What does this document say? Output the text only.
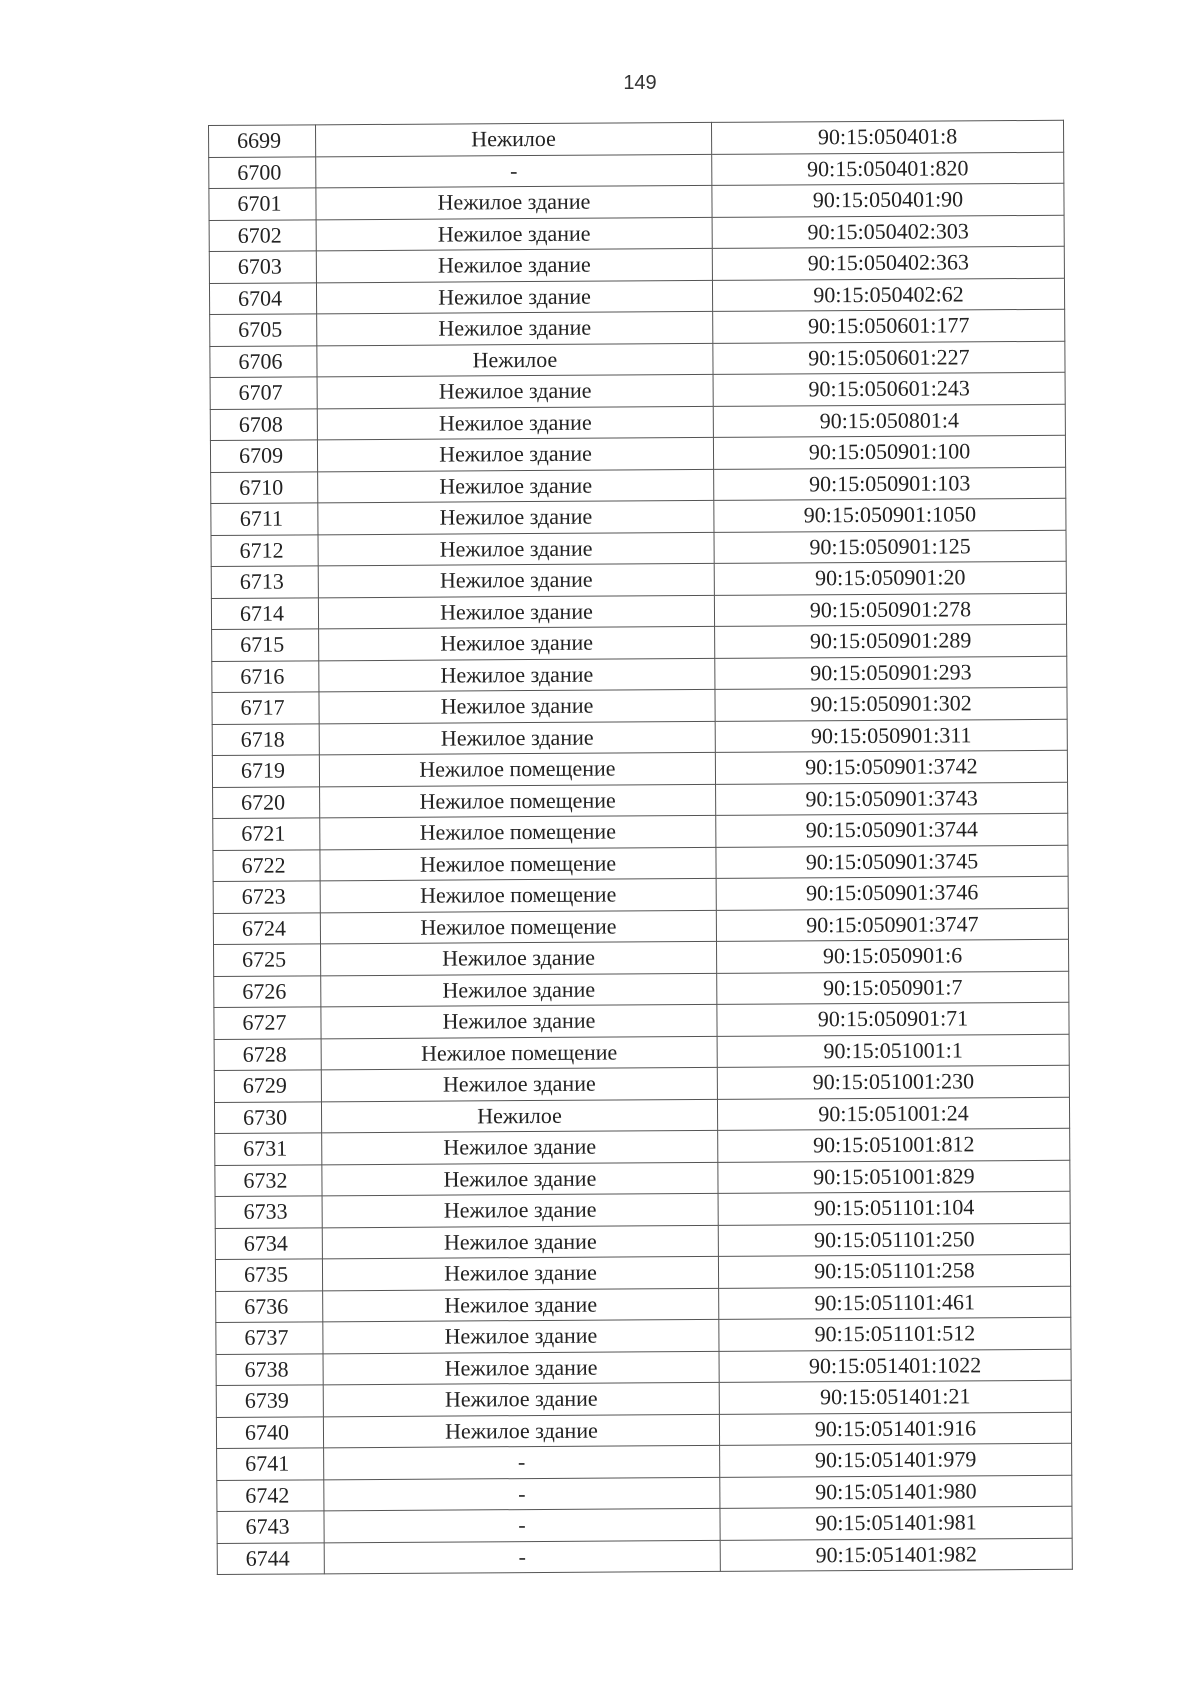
149
6699	Нежилое	90:15:050401:8
6700	-	90:15:050401:820
6701	Нежилое здание	90:15:050401:90
6702	Нежилое здание	90:15:050402:303
6703	Нежилое здание	90:15:050402:363
6704	Нежилое здание	90:15:050402:62
6705	Нежилое здание	90:15:050601:177
6706	Нежилое	90:15:050601:227
6707	Нежилое здание	90:15:050601:243
6708	Нежилое здание	90:15:050801:4
6709	Нежилое здание	90:15:050901:100
6710	Нежилое здание	90:15:050901:103
6711	Нежилое здание	90:15:050901:1050
6712	Нежилое здание	90:15:050901:125
6713	Нежилое здание	90:15:050901:20
6714	Нежилое здание	90:15:050901:278
6715	Нежилое здание	90:15:050901:289
6716	Нежилое здание	90:15:050901:293
6717	Нежилое здание	90:15:050901:302
6718	Нежилое здание	90:15:050901:311
6719	Нежилое помещение	90:15:050901:3742
6720	Нежилое помещение	90:15:050901:3743
6721	Нежилое помещение	90:15:050901:3744
6722	Нежилое помещение	90:15:050901:3745
6723	Нежилое помещение	90:15:050901:3746
6724	Нежилое помещение	90:15:050901:3747
6725	Нежилое здание	90:15:050901:6
6726	Нежилое здание	90:15:050901:7
6727	Нежилое здание	90:15:050901:71
6728	Нежилое помещение	90:15:051001:1
6729	Нежилое здание	90:15:051001:230
6730	Нежилое	90:15:051001:24
6731	Нежилое здание	90:15:051001:812
6732	Нежилое здание	90:15:051001:829
6733	Нежилое здание	90:15:051101:104
6734	Нежилое здание	90:15:051101:250
6735	Нежилое здание	90:15:051101:258
6736	Нежилое здание	90:15:051101:461
6737	Нежилое здание	90:15:051101:512
6738	Нежилое здание	90:15:051401:1022
6739	Нежилое здание	90:15:051401:21
6740	Нежилое здание	90:15:051401:916
6741	-	90:15:051401:979
6742	-	90:15:051401:980
6743	-	90:15:051401:981
6744	-	90:15:051401:982
